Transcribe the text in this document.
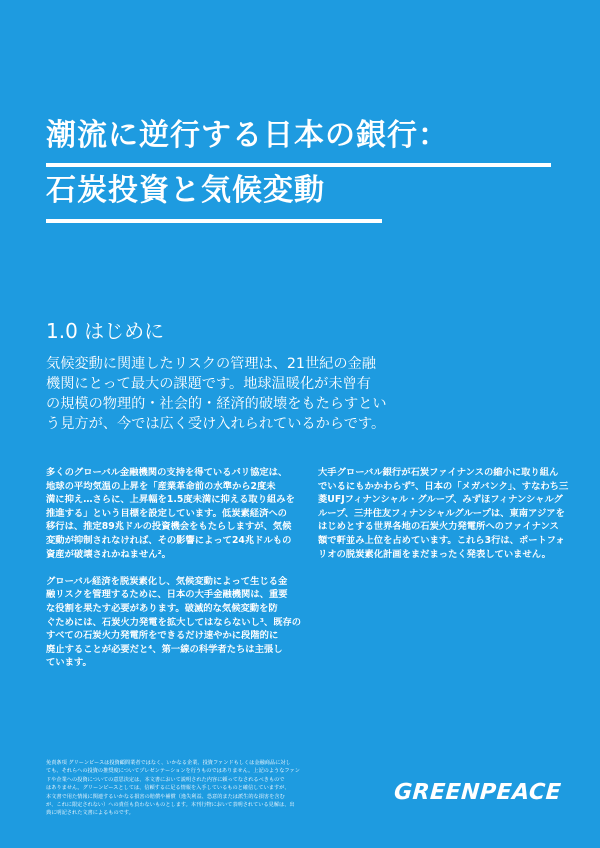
潮流に逆行する日本の銀行：
石炭投資と気候変動
1.0 はじめに

気候変動に関連したリスクの管理は、21世紀の金融

機関にとって最大の課題です。地球温暖化が未曾有

の規模の物理的・社会的・経済的破壊をもたらすとい

う見方が、今では広く受け入れられているからです。

多くのグローバル金融機関の支持を得ているパリ協定は、
地球の平均気温の上昇を「産業革命前の水準から2度未
満に抑え…さらに、上昇幅を1.5度未満に抑える取り組みを
推進する」という目標を設定しています。低炭素経済への
移行は、推定89兆ドルの投資機会をもたらしますが、気候
変動が抑制されなければ、その影響によって24兆ドルもの
資産が破壊されかねません²。
グローバル経済を脱炭素化し、気候変動によって生じる金
融リスクを管理するために、日本の大手金融機関は、重要
な役割を果たす必要があります。破滅的な気候変動を防
ぐためには、石炭火力発電を拡大してはならないし³、既存の
すべての石炭火力発電所をできるだけ速やかに段階的に
廃止することが必要だと⁴、第一線の科学者たちは主張し
ています。
大手グローバル銀行が石炭ファイナンスの縮小に取り組ん
でいるにもかかわらず⁵、日本の「メガバンク」、すなわち三
菱UFJフィナンシャル・グループ、みずほフィナンシャルグ
ループ、三井住友フィナンシャルグループは、東南アジアを
はじめとする世界各地の石炭火力発電所へのファイナンス
額で軒並み上位を占めています。これら3行は、ポートフォ
リオの脱炭素化計画をまだまったく発表していません。
免責条項 グリーンピースは投資顧問業者ではなく、いかなる企業、投資ファンドもしくは金融商品に対し
ても、それらへの投資の推奨度についてプレゼンテーションを行うものではありません。上記のようなファン
ドや企業への投資についての意思決定は、本文書において説明された内容に頼ってなされるべきもので
はありません。グリーンピースとしては、信頼するに足る情報を入手しているものと確信していますが、
本文書で用た情報に関連するいかなる損害の賠償や補償（逸失利益、恐意的または派生的な損害を含む
が、これに限定されない）への責任も負わないものとします。本刊行物において表明されている見解は、出
典に明記された文書によるものです。
GREENPEACE
